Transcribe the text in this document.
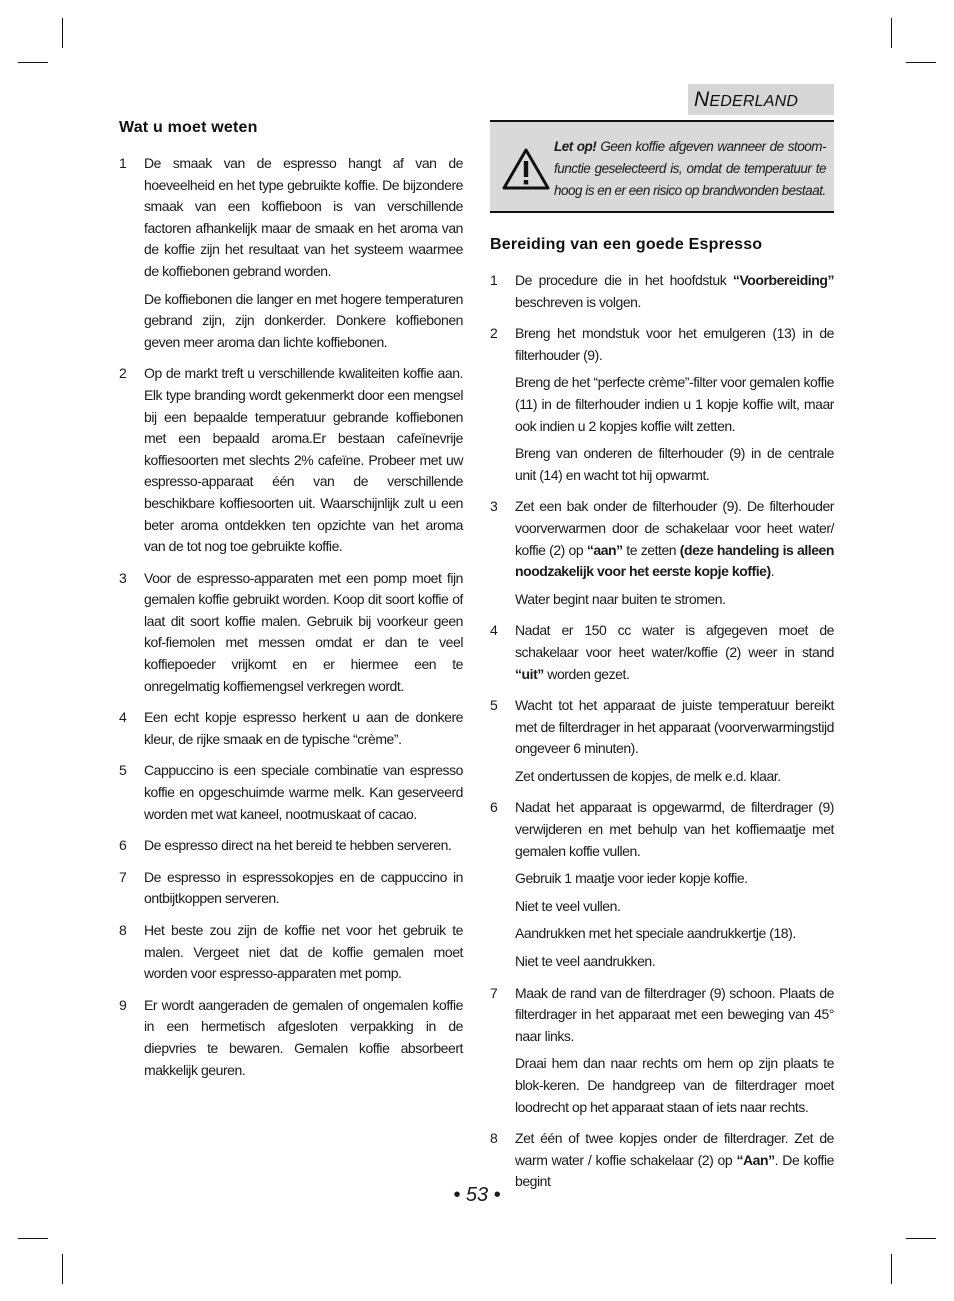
NEDERLAND
Wat u moet weten
1 De smaak van de espresso hangt af van de hoeveelheid en het type gebruikte koffie. De bijzondere smaak van een koffieboon is van verschillende factoren afhankelijk maar de smaak en het aroma van de koffie zijn het resultaat van het systeem waarmee de koffiebonen gebrand worden.

De koffiebonen die langer en met hogere temperaturen gebrand zijn, zijn donkerder. Donkere koffiebonen geven meer aroma dan lichte koffiebonen.

2 Op de markt treft u verschillende kwaliteiten koffie aan. Elk type branding wordt gekenmerkt door een mengsel bij een bepaalde temperatuur gebrande koffiebonen met een bepaald aroma.Er bestaan cafeïnevrije koffiesoorten met slechts 2% cafeïne. Probeer met uw espresso-apparaat één van de verschillende beschikbare koffiesoorten uit. Waarschijnlijk zult u een beter aroma ontdekken ten opzichte van het aroma van de tot nog toe gebruikte koffie.

3 Voor de espresso-apparaten met een pomp moet fijn gemalen koffie gebruikt worden. Koop dit soort koffie of laat dit soort koffie malen. Gebruik bij voorkeur geen kof-fiemolen met messen omdat er dan te veel koffiepoeder vrijkomt en er hiermee een te onregelmatig koffiemengsel verkregen wordt.

4 Een echt kopje espresso herkent u aan de donkere kleur, de rijke smaak en de typische “crème”.

5 Cappuccino is een speciale combinatie van espresso koffie en opgeschuimde warme melk. Kan geserveerd worden met wat kaneel, nootmuskaat of cacao.

6 De espresso direct na het bereid te hebben serveren.

7 De espresso in espressokopjes en de cappuccino in ontbijtkoppen serveren.

8 Het beste zou zijn de koffie net voor het gebruik te malen. Vergeet niet dat de koffie gemalen moet worden voor espresso-apparaten met pomp.

9 Er wordt aangeraden de gemalen of ongemalen koffie in een hermetisch afgesloten verpakking in de diepvries te bewaren. Gemalen koffie absorbeert makkelijk geuren.

Let op! Geen koffie afgeven wanneer de stoom-functie geselecteerd is, omdat de temperatuur te hoog is en er een risico op brandwonden bestaat.

Bereiding van een goede Espresso
1 De procedure die in het hoofdstuk “Voorbereiding” beschreven is volgen.

2 Breng het mondstuk voor het emulgeren (13) in de filterhouder (9).

Breng de het “perfecte crème”-filter voor gemalen koffie (11) in de filterhouder indien u 1 kopje koffie wilt, maar ook indien u 2 kopjes koffie wilt zetten.

Breng van onderen de filterhouder (9) in de centrale unit (14) en wacht tot hij opwarmt.

3 Zet een bak onder de filterhouder (9). De filterhouder voorverwarmen door de schakelaar voor heet water/ koffie (2) op “aan” te zetten (deze handeling is alleen noodzakelijk voor het eerste kopje koffie).

Water begint naar buiten te stromen.

4 Nadat er 150 cc water is afgegeven moet de schakelaar voor heet water/koffie (2) weer in stand “uit” worden gezet.

5 Wacht tot het apparaat de juiste temperatuur bereikt met de filterdrager in het apparaat (voorverwarmingstijd ongeveer 6 minuten).

Zet ondertussen de kopjes, de melk e.d. klaar.

6 Nadat het apparaat is opgewarmd, de filterdrager (9) verwijderen en met behulp van het koffiemaatje met gemalen koffie vullen.

Gebruik 1 maatje voor ieder kopje koffie.

Niet te veel vullen.

Aandrukken met het speciale aandrukkertje (18).

Niet te veel aandrukken.

7 Maak de rand van de filterdrager (9) schoon. Plaats de filterdrager in het apparaat met een beweging van 45° naar links.

Draai hem dan naar rechts om hem op zijn plaats te blok-keren. De handgreep van de filterdrager moet loodrecht op het apparaat staan of iets naar rechts.

8 Zet één of twee kopjes onder de filterdrager. Zet de warm water / koffie schakelaar (2) op “Aan”. De koffie begint

• 53 •
